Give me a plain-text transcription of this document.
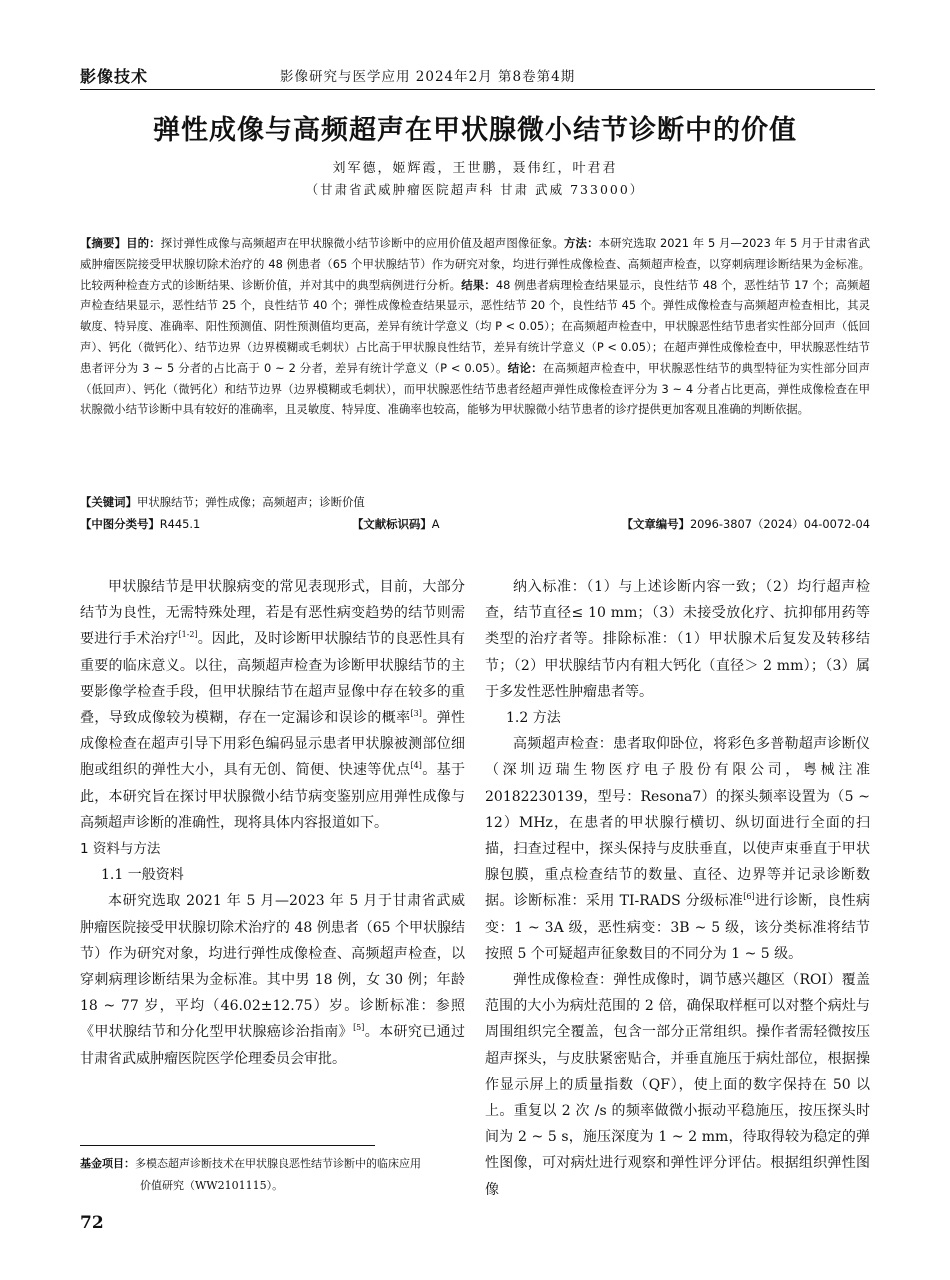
影像技术	影像研究与医学应用 2024年2月 第8卷第4期
弹性成像与高频超声在甲状腺微小结节诊断中的价值
刘军德，姬辉霞，王世鹏，聂伟红，叶君君
（甘肃省武威肿瘤医院超声科 甘肃 武威 733000）
【摘要】目的：探讨弹性成像与高频超声在甲状腺微小结节诊断中的应用价值及超声图像征象。方法：本研究选取 2021 年 5 月—2023 年 5 月于甘肃省武威肿瘤医院接受甲状腺切除术治疗的 48 例患者（65 个甲状腺结节）作为研究对象，均进行弹性成像检查、高频超声检查，以穿刺病理诊断结果为金标准。比较两种检查方式的诊断结果、诊断价值，并对其中的典型病例进行分析。结果：48 例患者病理检查结果显示，良性结节 48 个，恶性结节 17 个；高频超声检查结果显示，恶性结节 25 个，良性结节 40 个；弹性成像检查结果显示，恶性结节 20 个，良性结节 45 个。弹性成像检查与高频超声检查相比，其灵敏度、特异度、准确率、阳性预测值、阴性预测值均更高，差异有统计学意义（均 P < 0.05）；在高频超声检查中，甲状腺恶性结节患者实性部分回声（低回声）、钙化（微钙化）、结节边界（边界模糊或毛刺状）占比高于甲状腺良性结节，差异有统计学意义（P < 0.05）；在超声弹性成像检查中，甲状腺恶性结节患者评分为 3 ~ 5 分者的占比高于 0 ~ 2 分者，差异有统计学意义（P < 0.05）。结论：在高频超声检查中，甲状腺恶性结节的典型特征为实性部分回声（低回声）、钙化（微钙化）和结节边界（边界模糊或毛刺状），而甲状腺恶性结节患者经超声弹性成像检查评分为 3 ~ 4 分者占比更高，弹性成像检查在甲状腺微小结节诊断中具有较好的准确率，且灵敏度、特异度、准确率也较高，能够为甲状腺微小结节患者的诊疗提供更加客观且准确的判断依据。
【关键词】甲状腺结节；弹性成像；高频超声；诊断价值
【中图分类号】R445.1	【文献标识码】A	【文章编号】2096-3807（2024）04-0072-04

甲状腺结节是甲状腺病变的常见表现形式，目前，大部分结节为良性，无需特殊处理，若是有恶性病变趋势的结节则需要进行手术治疗[1-2]。因此，及时诊断甲状腺结节的良恶性具有重要的临床意义。以往，高频超声检查为诊断甲状腺结节的主要影像学检查手段，但甲状腺结节在超声显像中存在较多的重叠，导致成像较为模糊，存在一定漏诊和误诊的概率[3]。弹性成像检查在超声引导下用彩色编码显示患者甲状腺被测部位细胞或组织的弹性大小，具有无创、简便、快速等优点[4]。基于此，本研究旨在探讨甲状腺微小结节病变鉴别应用弹性成像与高频超声诊断的准确性，现将具体内容报道如下。

1 资料与方法

1.1 一般资料

本研究选取 2021 年 5 月—2023 年 5 月于甘肃省武威肿瘤医院接受甲状腺切除术治疗的 48 例患者（65 个甲状腺结节）作为研究对象，均进行弹性成像检查、高频超声检查，以穿刺病理诊断结果为金标准。其中男 18 例，女 30 例；年龄 18 ~ 77 岁，平均（46.02±12.75）岁。诊断标准：参照《甲状腺结节和分化型甲状腺癌诊治指南》[5]。本研究已通过甘肃省武威肿瘤医院医学伦理委员会审批。

纳入标准：（1）与上述诊断内容一致；（2）均行超声检查，结节直径≤ 10 mm；（3）未接受放化疗、抗抑郁用药等类型的治疗者等。排除标准：（1）甲状腺术后复发及转移结节；（2）甲状腺结节内有粗大钙化（直径＞ 2 mm）；（3）属于多发性恶性肿瘤患者等。

1.2 方法

高频超声检查：患者取仰卧位，将彩色多普勒超声诊断仪（深圳迈瑞生物医疗电子股份有限公司，粤械注准 20182230139，型号：Resona7）的探头频率设置为（5 ~ 12）MHz，在患者的甲状腺行横切、纵切面进行全面的扫描，扫查过程中，探头保持与皮肤垂直，以使声束垂直于甲状腺包膜，重点检查结节的数量、直径、边界等并记录诊断数据。诊断标准：采用 TI-RADS 分级标准[6]进行诊断，良性病变：1 ~ 3A 级，恶性病变：3B ~ 5 级，该分类标准将结节按照 5 个可疑超声征象数目的不同分为 1 ~ 5 级。

弹性成像检查：弹性成像时，调节感兴趣区（ROI）覆盖范围的大小为病灶范围的 2 倍，确保取样框可以对整个病灶与周围组织完全覆盖，包含一部分正常组织。操作者需轻微按压超声探头，与皮肤紧密贴合，并垂直施压于病灶部位，根据操作显示屏上的质量指数（QF），使上面的数字保持在 50 以上。重复以 2 次 /s 的频率做微小振动平稳施压，按压探头时间为 2 ~ 5 s，施压深度为 1 ~ 2 mm，待取得较为稳定的弹性图像，可对病灶进行观察和弹性评分评估。根据组织弹性图像

基金项目：多模态超声诊断技术在甲状腺良恶性结节诊断中的临床应用
价值研究（WW2101115）。
72
